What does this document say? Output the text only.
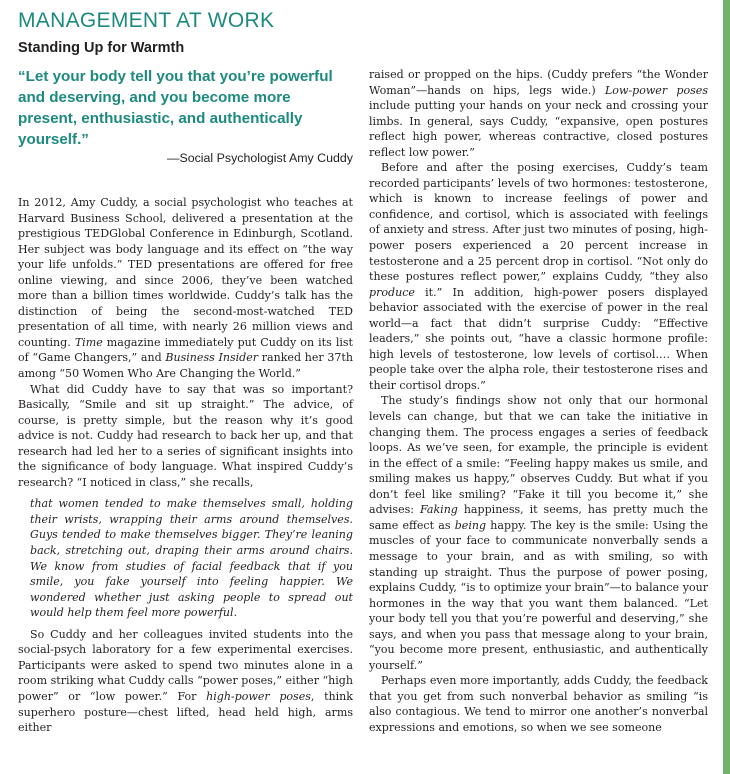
MANAGEMENT AT WORK
Standing Up for Warmth

“Let your body tell you that you’re powerful and deserving, and you become more present, enthusiastic, and authentically yourself.”

—Social Psychologist Amy Cuddy

In 2012, Amy Cuddy, a social psychologist who teaches at Harvard Business School, delivered a presentation at the prestigious TEDGlobal Conference in Edinburgh, Scotland. Her subject was body language and its effect on “the way your life unfolds.” TED presentations are offered for free online viewing, and since 2006, they’ve been watched more than a billion times worldwide. Cuddy’s talk has the distinction of being the second-most-watched TED presentation of all time, with nearly 26 million views and counting. Time magazine immediately put Cuddy on its list of “Game Changers,” and Business Insider ranked her 37th among “50 Women Who Are Changing the World.”

What did Cuddy have to say that was so important? Basically, “Smile and sit up straight.” The advice, of course, is pretty simple, but the reason why it’s good advice is not. Cuddy had research to back her up, and that research had led her to a series of significant insights into the significance of body language. What inspired Cuddy’s research? “I noticed in class,” she recalls,

that women tended to make themselves small, holding their wrists, wrapping their arms around themselves. Guys tended to make themselves bigger. They’re leaning back, stretching out, draping their arms around chairs. We know from studies of facial feedback that if you smile, you fake yourself into feeling happier. We wondered whether just asking people to spread out would help them feel more powerful.

So Cuddy and her colleagues invited students into the social-psych laboratory for a few experimental exercises. Participants were asked to spend two minutes alone in a room striking what Cuddy calls “power poses,” either “high power” or “low power.” For high-power poses, think superhero posture—chest lifted, head held high, arms either

raised or propped on the hips. (Cuddy prefers “the Wonder Woman”—hands on hips, legs wide.) Low-power poses include putting your hands on your neck and crossing your limbs. In general, says Cuddy, “expansive, open postures reflect high power, whereas contractive, closed postures reflect low power.”

Before and after the posing exercises, Cuddy’s team recorded participants’ levels of two hormones: testosterone, which is known to increase feelings of power and confidence, and cortisol, which is associated with feelings of anxiety and stress. After just two minutes of posing, high-power posers experienced a 20 percent increase in testosterone and a 25 percent drop in cortisol. “Not only do these postures reflect power,” explains Cuddy, “they also produce it.” In addition, high-power posers displayed behavior associated with the exercise of power in the real world—a fact that didn’t surprise Cuddy: “Effective leaders,” she points out, “have a classic hormone profile: high levels of testosterone, low levels of cortisol.… When people take over the alpha role, their testosterone rises and their cortisol drops.”

The study’s findings show not only that our hormonal levels can change, but that we can take the initiative in changing them. The process engages a series of feedback loops. As we’ve seen, for example, the principle is evident in the effect of a smile: “Feeling happy makes us smile, and smiling makes us happy,” observes Cuddy. But what if you don’t feel like smiling? “Fake it till you become it,” she advises: Faking happiness, it seems, has pretty much the same effect as being happy. The key is the smile: Using the muscles of your face to communicate nonverbally sends a message to your brain, and as with smiling, so with standing up straight. Thus the purpose of power posing, explains Cuddy, “is to optimize your brain”—to balance your hormones in the way that you want them balanced. “Let your body tell you that you’re powerful and deserving,” she says, and when you pass that message along to your brain, “you become more present, enthusiastic, and authentically yourself.”

Perhaps even more importantly, adds Cuddy, the feedback that you get from such nonverbal behavior as smiling “is also contagious. We tend to mirror one another’s nonverbal expressions and emotions, so when we see someone
